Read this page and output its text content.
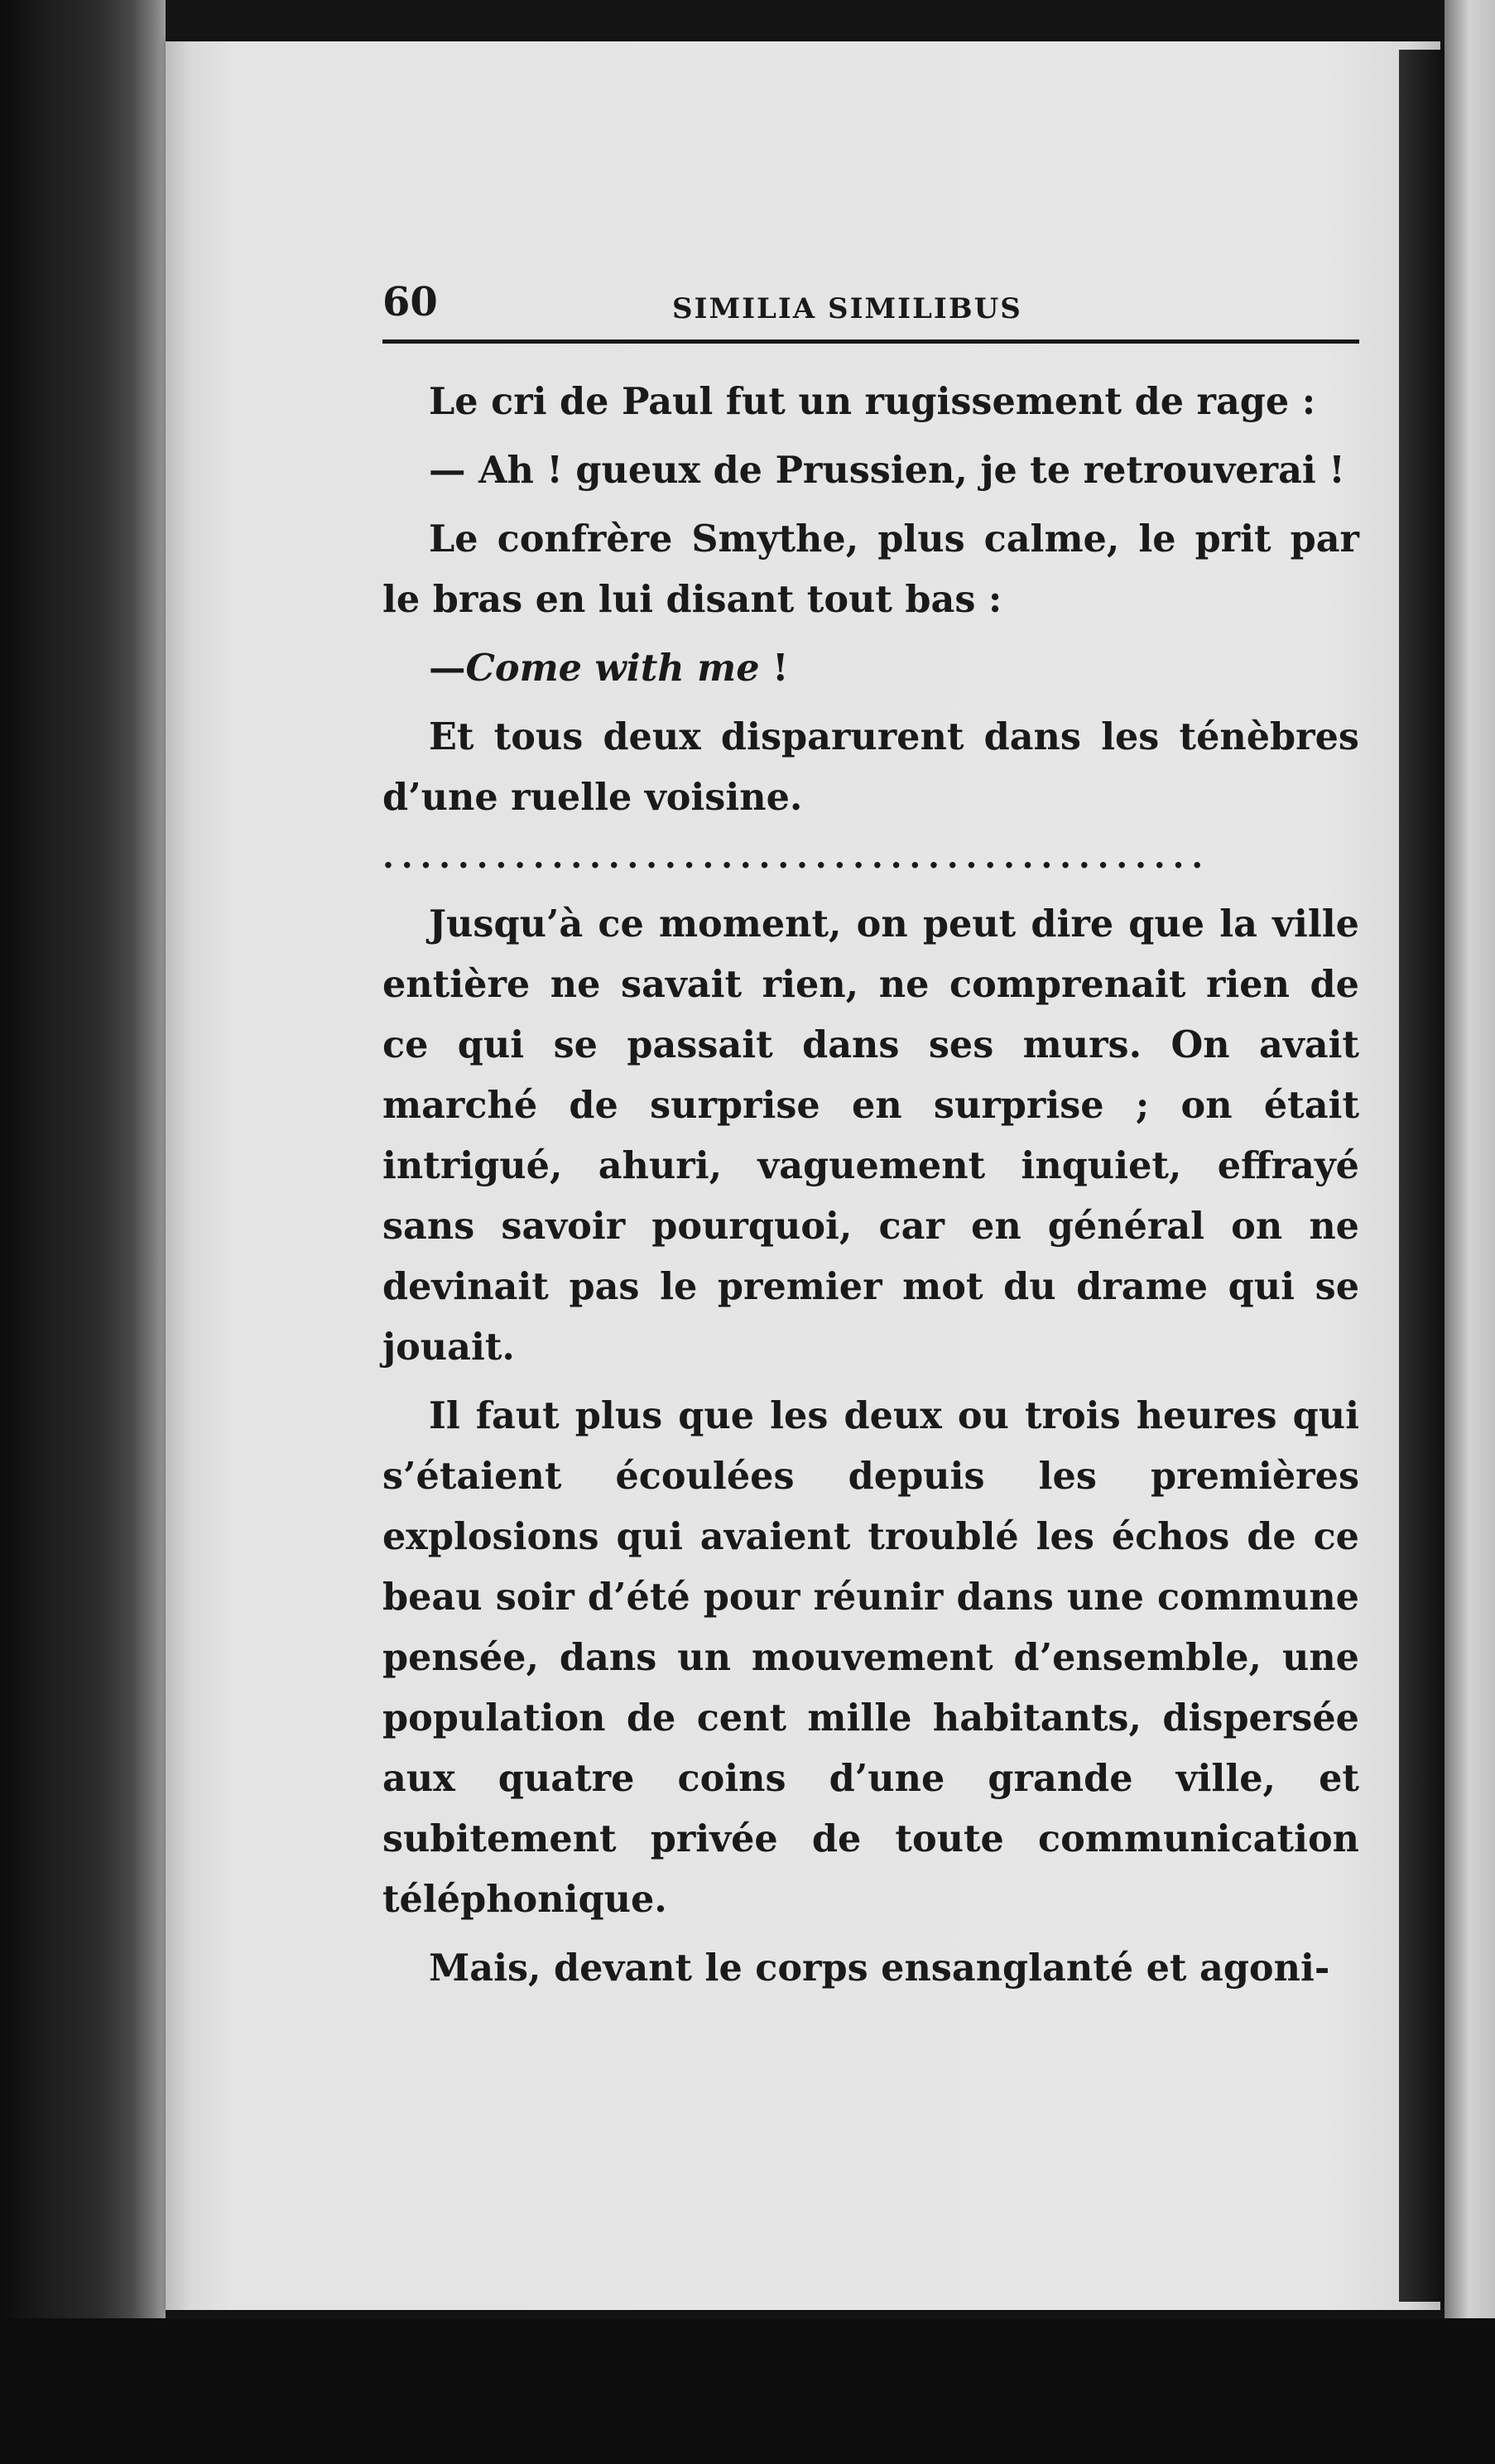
60	SIMILIA SIMILIBUS

Le cri de Paul fut un rugissement de rage :

— Ah ! gueux de Prussien, je te retrouverai !

Le confrère Smythe, plus calme, le prit par le bras en lui disant tout bas :

—Come with me !

Et tous deux disparurent dans les ténèbres d’une ruelle voisine.

............................................

Jusqu’à ce moment, on peut dire que la ville entière ne savait rien, ne comprenait rien de ce qui se passait dans ses murs. On avait marché de surprise en surprise ; on était intrigué, ahuri, vaguement inquiet, effrayé sans savoir pourquoi, car en général on ne devinait pas le premier mot du drame qui se jouait.

Il faut plus que les deux ou trois heures qui s’étaient écoulées depuis les premières explosions qui avaient troublé les échos de ce beau soir d’été pour réunir dans une commune pensée, dans un mouvement d’ensemble, une population de cent mille habitants, dispersée aux quatre coins d’une grande ville, et subitement privée de toute communication téléphonique.

Mais, devant le corps ensanglanté et agoni-
